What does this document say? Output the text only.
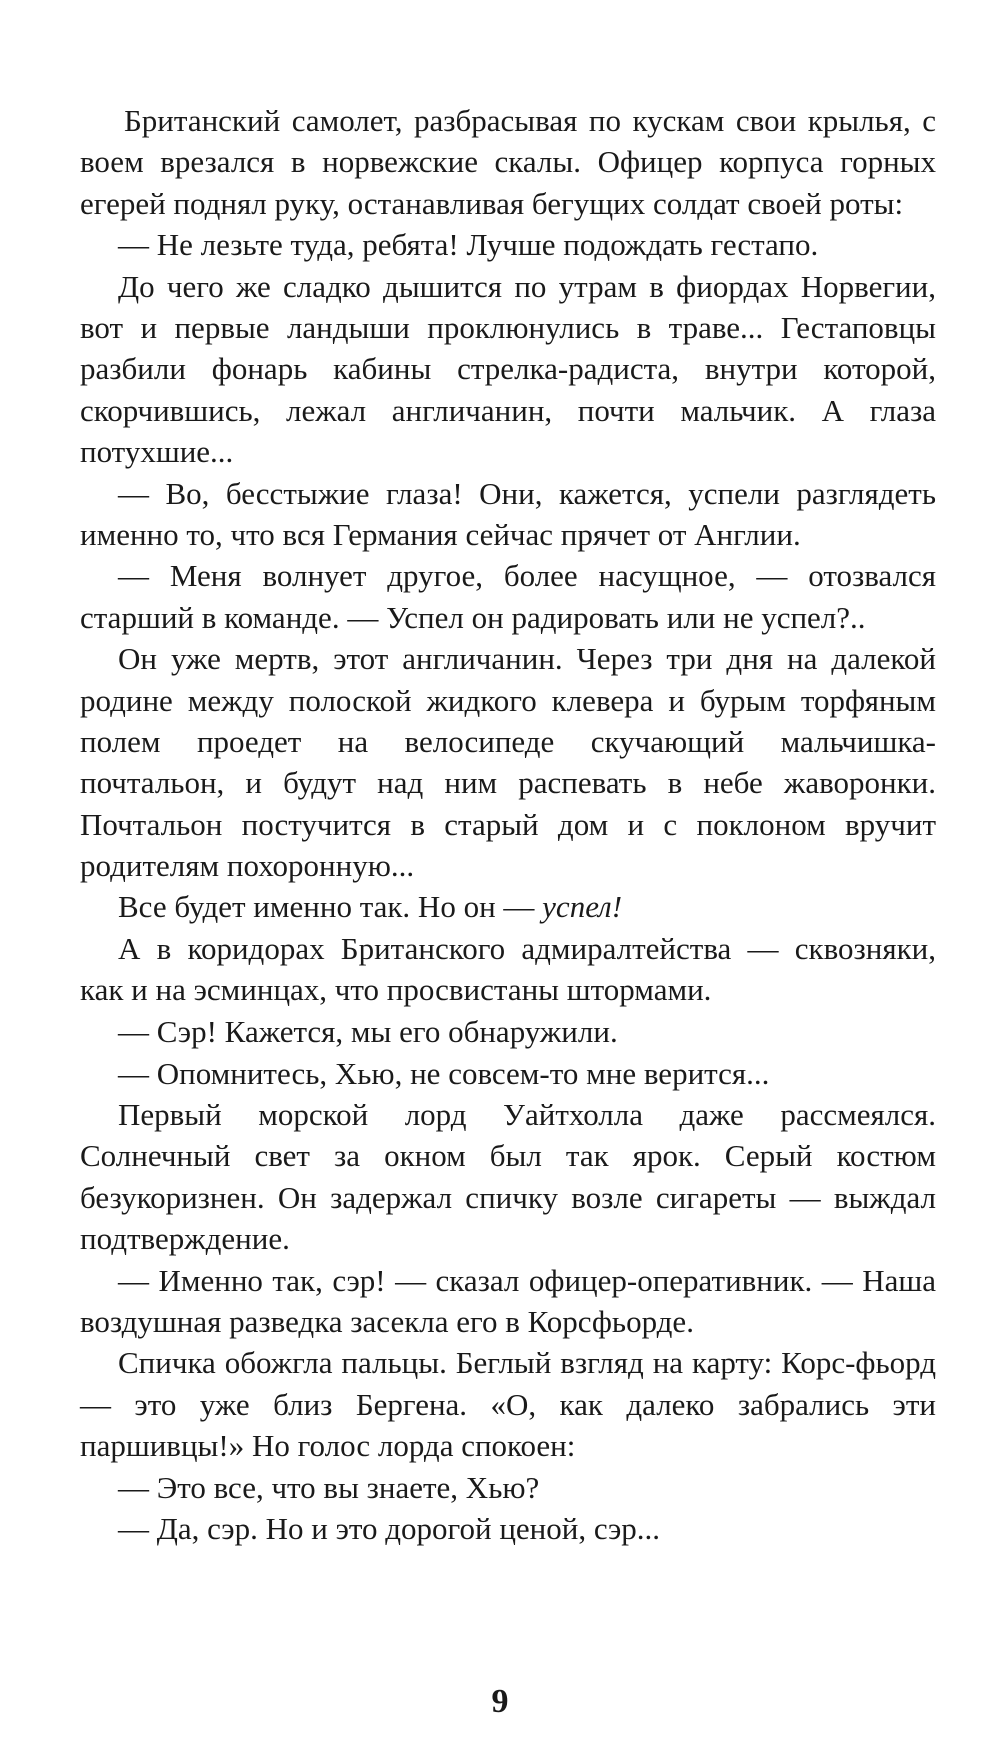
Британский самолет, разбрасывая по кускам свои крылья, с воем врезался в норвежские скалы. Офицер корпуса горных егерей поднял руку, останавливая бегущих солдат своей роты:

— Не лезьте туда, ребята! Лучше подождать гестапо.

До чего же сладко дышится по утрам в фиордах Норвегии, вот и первые ландыши проклюнулись в траве... Гестаповцы разбили фонарь кабины стрелка-радиста, внутри которой, скорчившись, лежал англичанин, почти мальчик. А глаза потухшие...

— Во, бесстыжие глаза! Они, кажется, успели разглядеть именно то, что вся Германия сейчас прячет от Англии.

— Меня волнует другое, более насущное, — отозвался старший в команде. — Успел он радировать или не успел?..

Он уже мертв, этот англичанин. Через три дня на далекой родине между полоской жидкого клевера и бурым торфяным полем проедет на велосипеде скучающий мальчишка-почтальон, и будут над ним распевать в небе жаворонки. Почтальон постучится в старый дом и с поклоном вручит родителям похоронную...

Все будет именно так. Но он — успел!

А в коридорах Британского адмиралтейства — сквозняки, как и на эсминцах, что просвистаны штормами.

— Сэр! Кажется, мы его обнаружили.

— Опомнитесь, Хью, не совсем-то мне верится...

Первый морской лорд Уайтхолла даже рассмеялся. Солнечный свет за окном был так ярок. Серый костюм безукоризнен. Он задержал спичку возле сигареты — выждал подтверждение.

— Именно так, сэр! — сказал офицер-оперативник. — Наша воздушная разведка засекла его в Корсфьорде.

Спичка обожгла пальцы. Беглый взгляд на карту: Корс-фьорд — это уже близ Бергена. «О, как далеко забрались эти паршивцы!» Но голос лорда спокоен:

— Это все, что вы знаете, Хью?

— Да, сэр. Но и это дорогой ценой, сэр...

9
